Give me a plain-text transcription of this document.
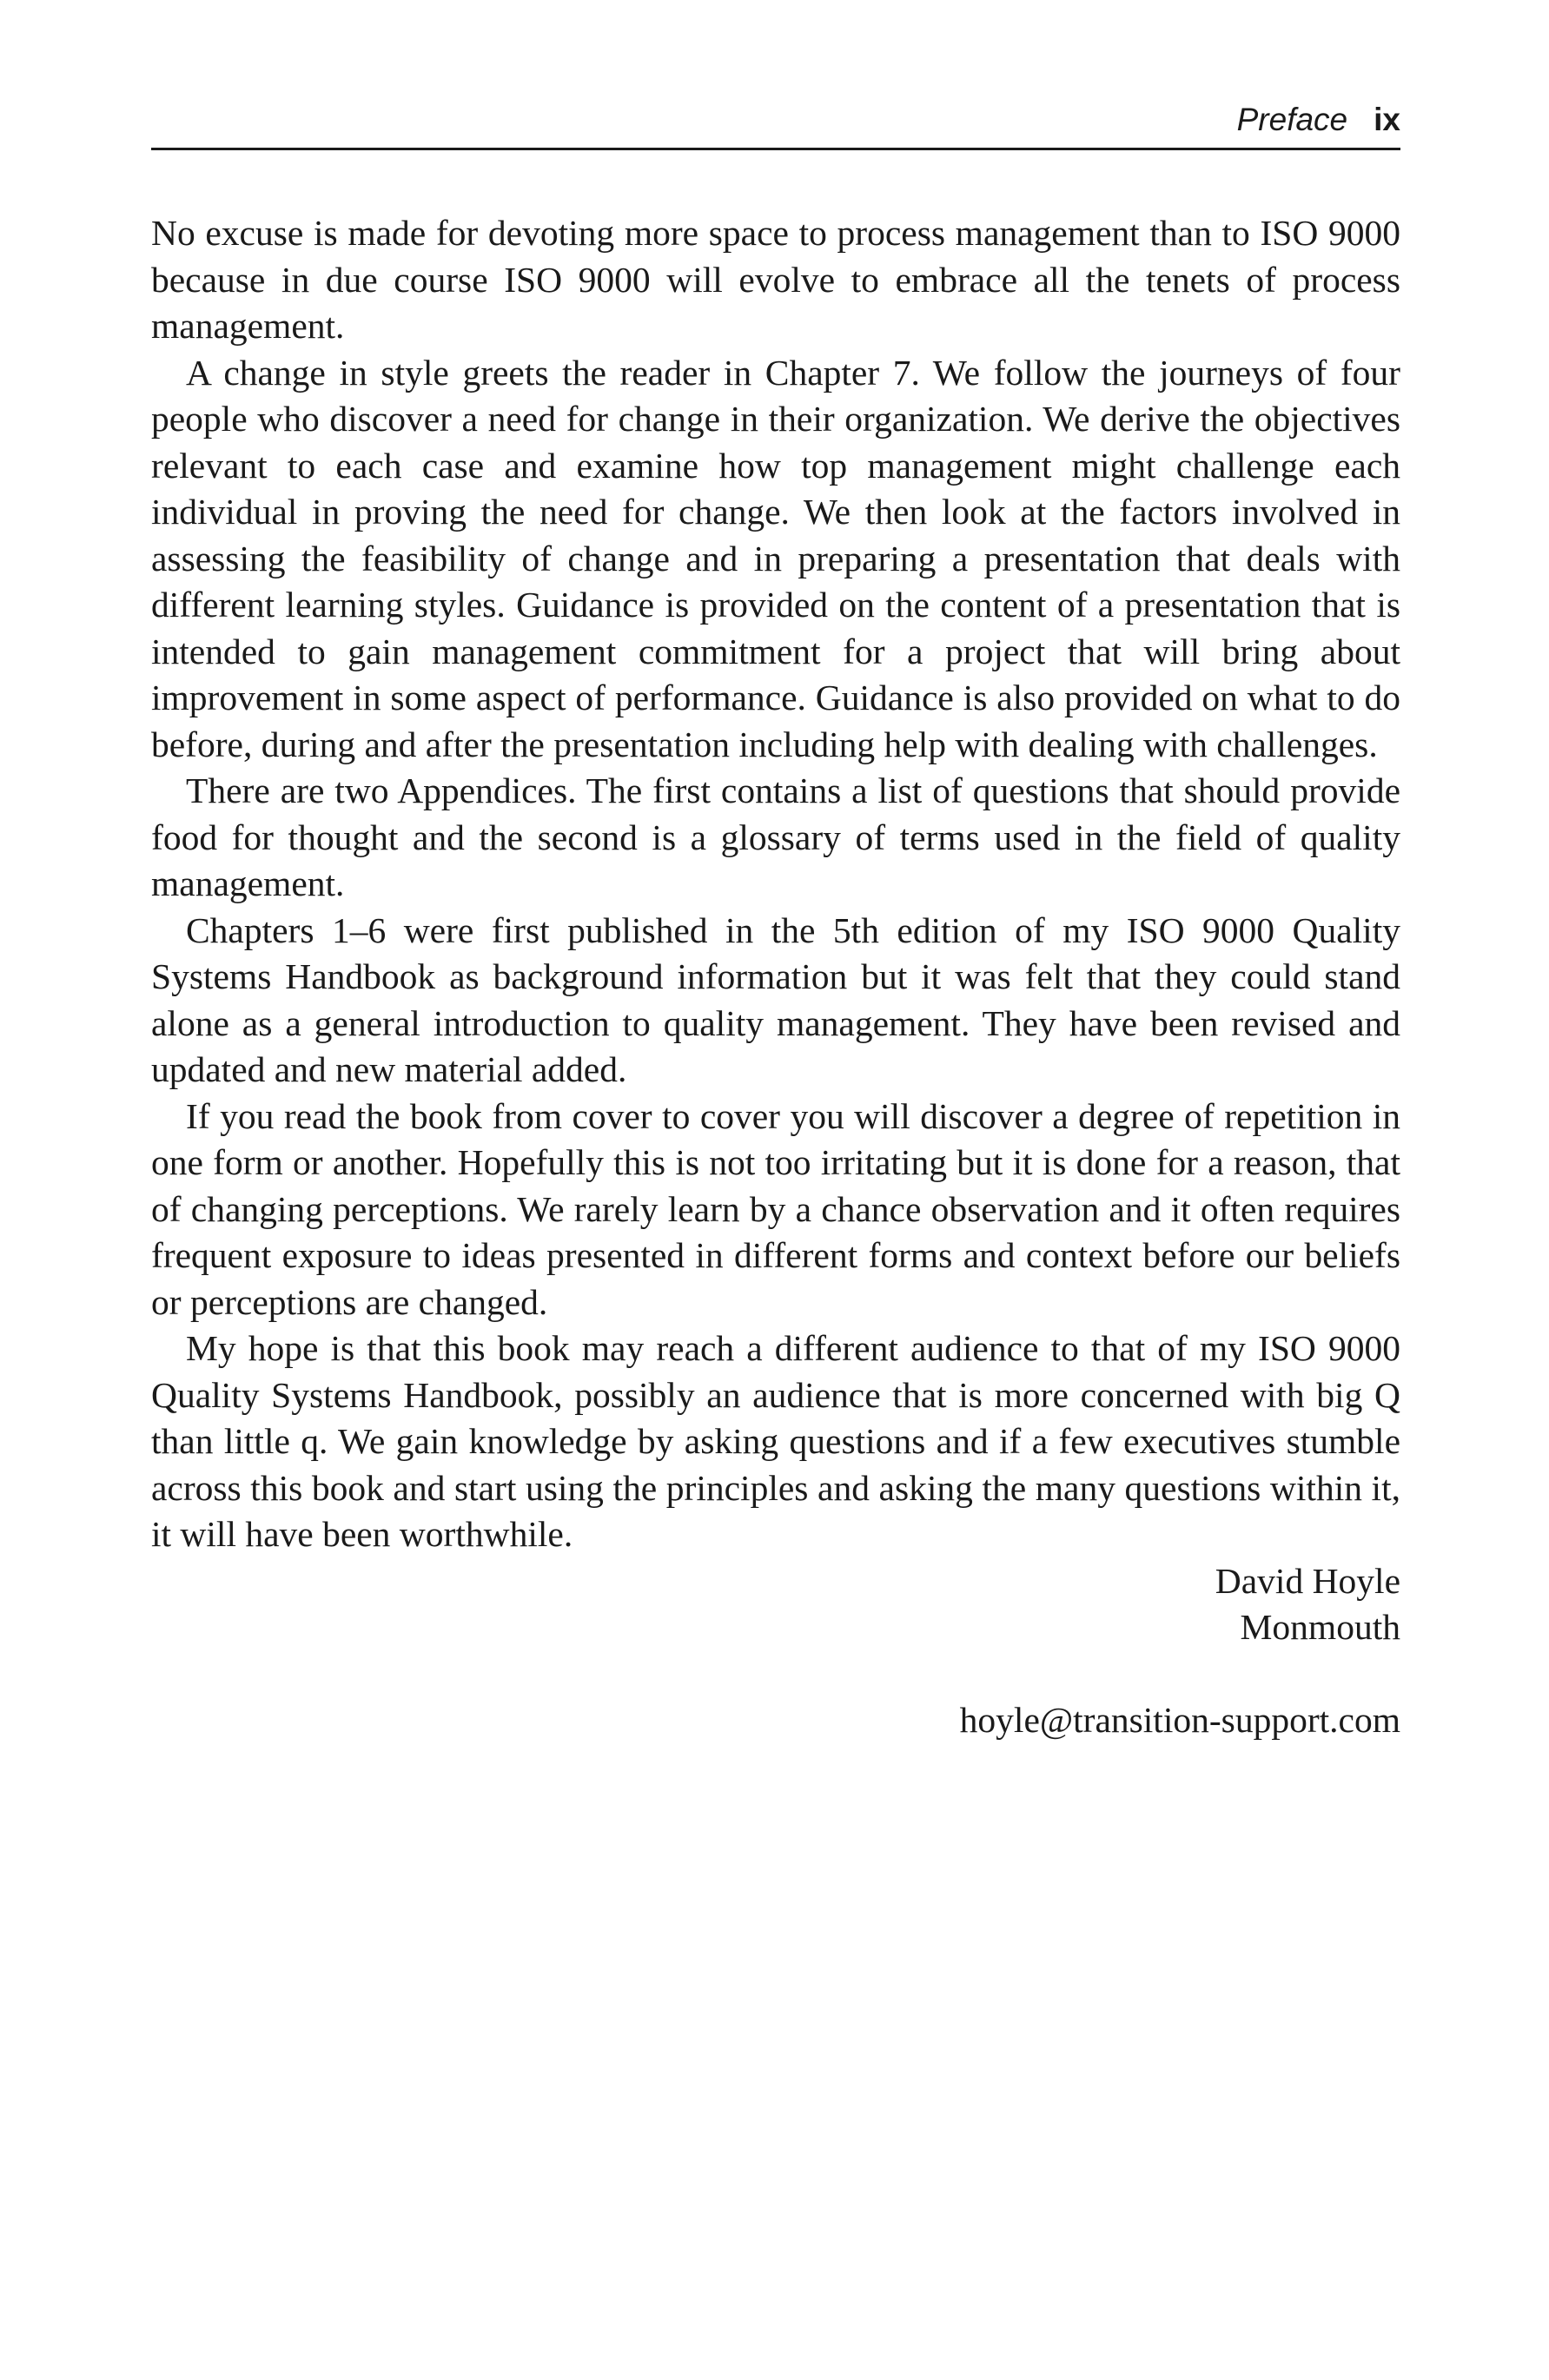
Preface ix

No excuse is made for devoting more space to process management than to ISO 9000 because in due course ISO 9000 will evolve to embrace all the tenets of process management.

A change in style greets the reader in Chapter 7. We follow the journeys of four people who discover a need for change in their organization. We derive the objectives relevant to each case and examine how top management might challenge each individual in proving the need for change. We then look at the factors involved in assessing the feasibility of change and in preparing a presentation that deals with different learning styles. Guidance is provided on the content of a presentation that is intended to gain management commitment for a project that will bring about improvement in some aspect of performance. Guidance is also provided on what to do before, during and after the presentation including help with dealing with challenges.

There are two Appendices. The first contains a list of questions that should provide food for thought and the second is a glossary of terms used in the field of quality management.

Chapters 1–6 were first published in the 5th edition of my ISO 9000 Quality Systems Handbook as background information but it was felt that they could stand alone as a general introduction to quality management. They have been revised and updated and new material added.

If you read the book from cover to cover you will discover a degree of repetition in one form or another. Hopefully this is not too irritating but it is done for a reason, that of changing perceptions. We rarely learn by a chance observation and it often requires frequent exposure to ideas presented in different forms and context before our beliefs or perceptions are changed.

My hope is that this book may reach a different audience to that of my ISO 9000 Quality Systems Handbook, possibly an audience that is more concerned with big Q than little q. We gain knowledge by asking questions and if a few executives stumble across this book and start using the principles and asking the many questions within it, it will have been worthwhile.

David Hoyle
Monmouth
hoyle@transition-support.com
